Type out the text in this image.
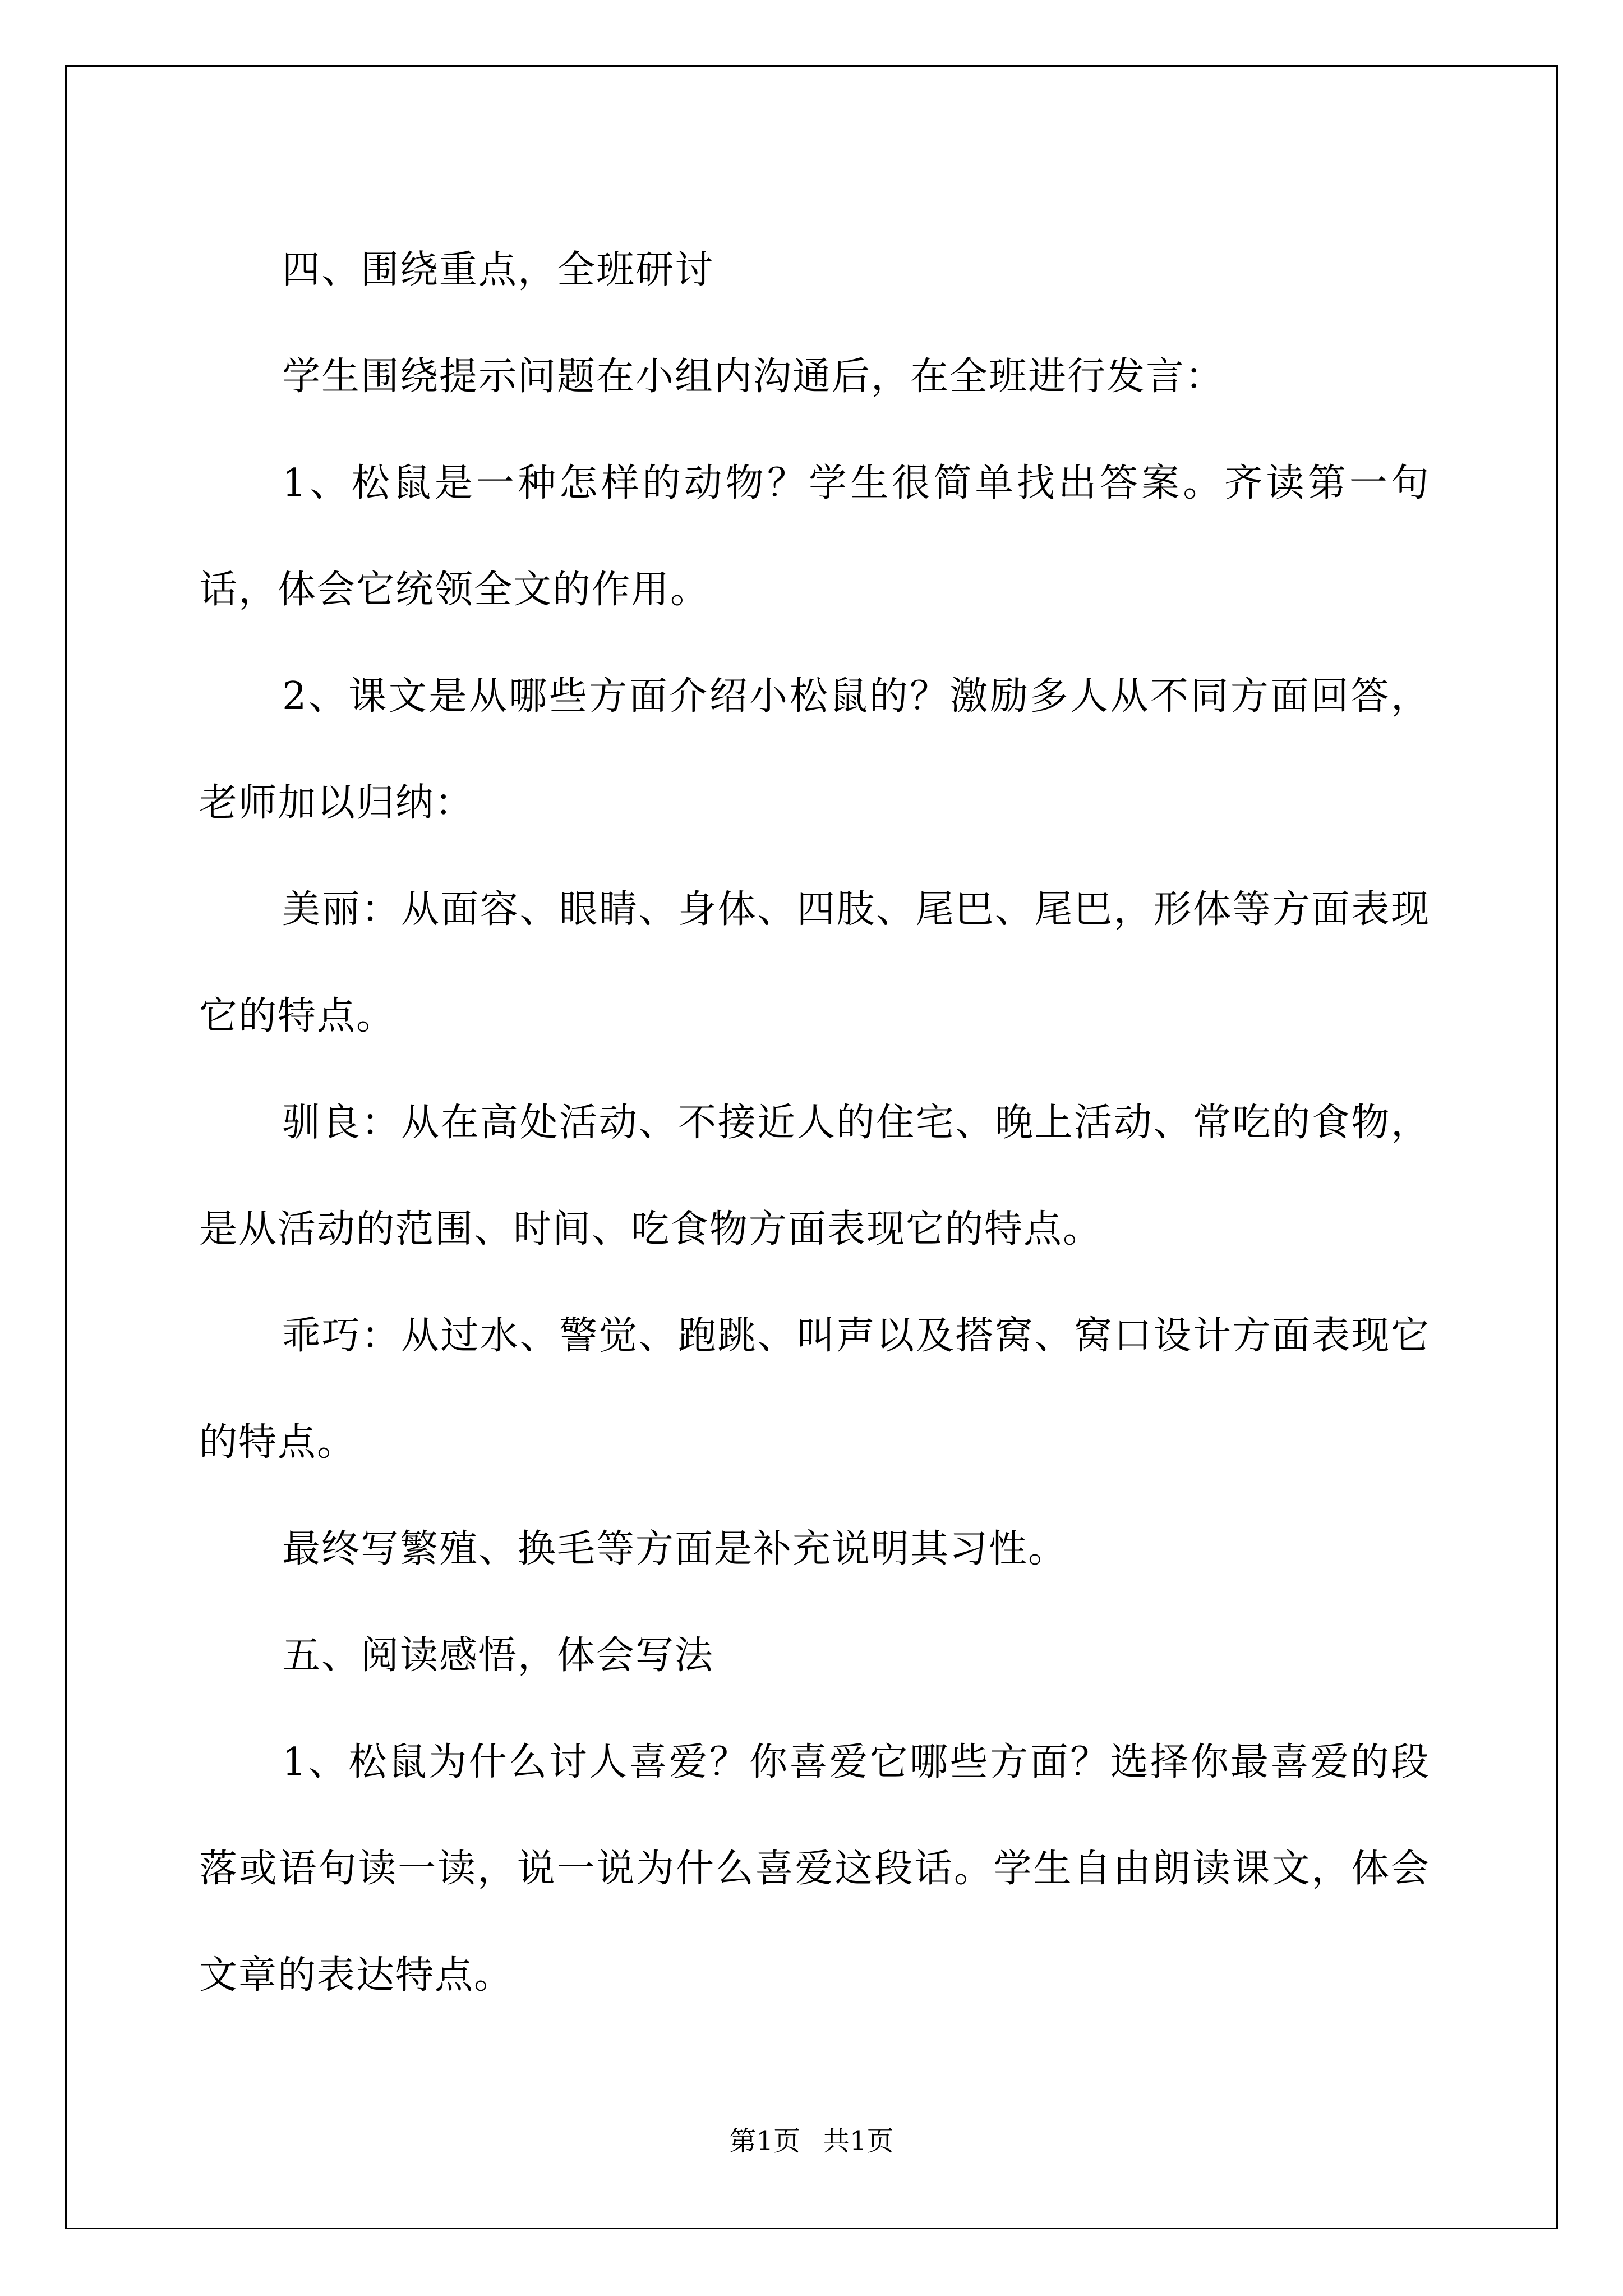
四、围绕重点，全班研讨

学生围绕提示问题在小组内沟通后，在全班进行发言：

1、松鼠是一种怎样的动物？学生很简单找出答案。齐读第一句话，体会它统领全文的作用。

2、课文是从哪些方面介绍小松鼠的？激励多人从不同方面回答，老师加以归纳：

美丽：从面容、眼睛、身体、四肢、尾巴、尾巴，形体等方面表现它的特点。

驯良：从在高处活动、不接近人的住宅、晚上活动、常吃的食物，是从活动的范围、时间、吃食物方面表现它的特点。

乖巧：从过水、警觉、跑跳、叫声以及搭窝、窝口设计方面表现它的特点。

最终写繁殖、换毛等方面是补充说明其习性。

五、阅读感悟，体会写法

1、松鼠为什么讨人喜爱？你喜爱它哪些方面？选择你最喜爱的段落或语句读一读，说一说为什么喜爱这段话。学生自由朗读课文，体会文章的表达特点。

第1页 共1页
